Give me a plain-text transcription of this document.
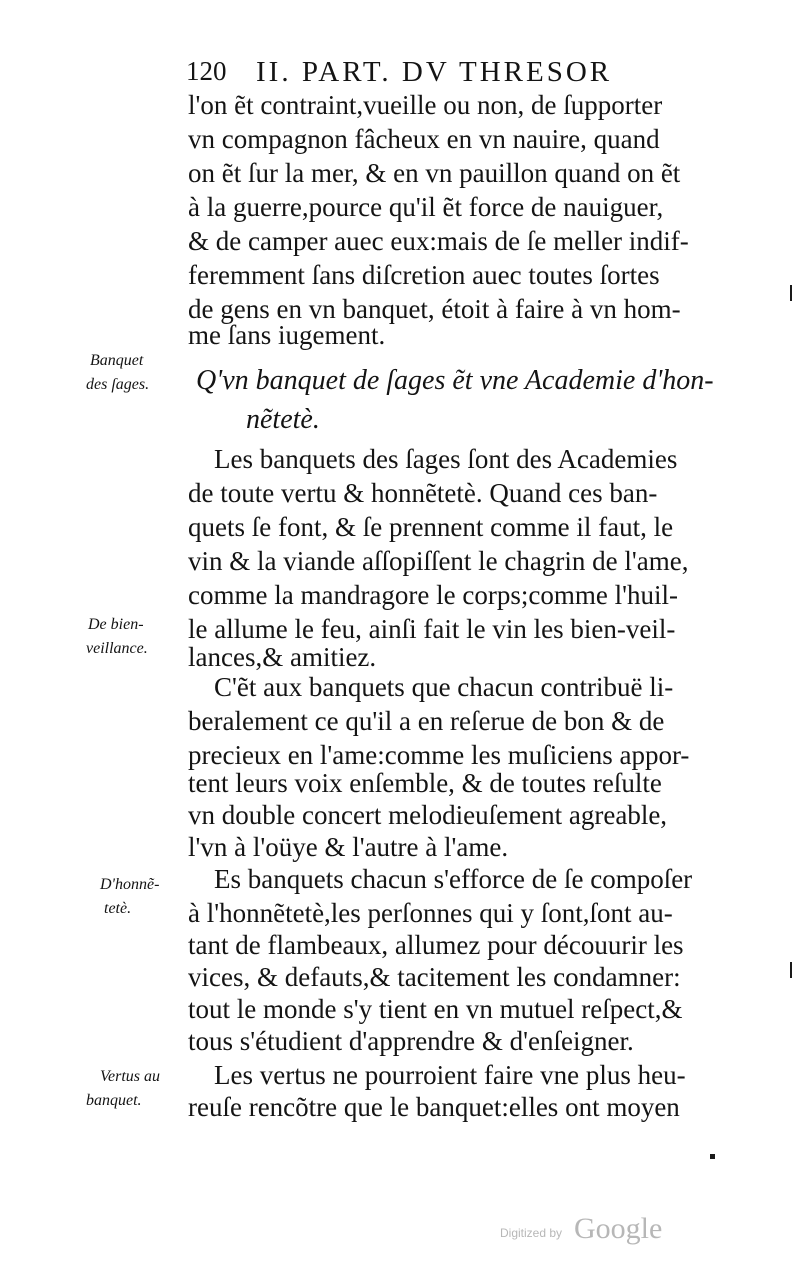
120 II. PART. DV THRESOR
l'on ẽt contraint,vueille ou non, de ſupporter
vn compagnon fâcheux en vn nauire, quand
on ẽt ſur la mer, & en vn pauillon quand on ẽt
à la guerre,pource qu'il ẽt force de nauiguer,
& de camper auec eux:mais de ſe meller indif-
feremment ſans diſcretion auec toutes ſortes
de gens en vn banquet, étoit à faire à vn hom-
me ſans iugement.
Banquet
des ſages. Q'vn banquet de ſages ẽt vne Academie d'hon-
nẽtetè.
Les banquets des ſages ſont des Academies
de toute vertu & honnẽtetè. Quand ces ban-
quets ſe font, & ſe prennent comme il faut, le
vin & la viande aſſopiſſent le chagrin de l'ame,
comme la mandragore le corps;comme l'huil-
le allume le feu, ainſi fait le vin les bien-veil-
lances,& amitiez.
De bien-
veillance.
C'ẽt aux banquets que chacun contribuë li-
beralement ce qu'il a en reſerue de bon & de
precieux en l'ame:comme les muſiciens appor-
tent leurs voix enſemble, & de toutes reſulte
vn double concert melodieuſement agreable,
l'vn à l'oüye & l'autre à l'ame.
D'honnẽ-
tetè.
Es banquets chacun s'efforce de ſe compoſer
à l'honnẽtetè,les perſonnes qui y ſont,ſont au-
tant de flambeaux, allumez pour découurir les
vices, & defauts,& tacitement les condamner:
tout le monde s'y tient en vn mutuel reſpect,&
tous s'étudient d'apprendre & d'enſeigner.
Vertus au
banquet.
Les vertus ne pourroient faire vne plus heu-
reuſe rencõtre que le banquet:elles ont moyen
Digitized by Google
